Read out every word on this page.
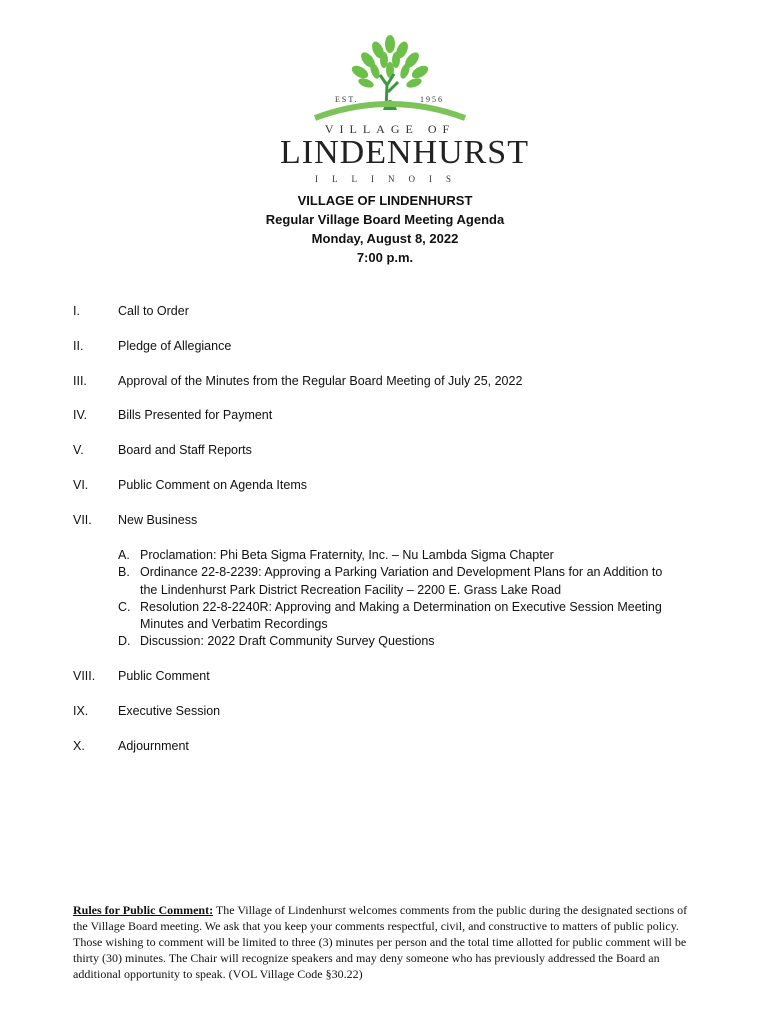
EST.	1956
VILLAGE OF
LINDENHURST
ILLINOIS
VILLAGE OF LINDENHURST
Regular Village Board Meeting Agenda
Monday, August 8, 2022
7:00 p.m.
I.	Call to Order
II.	Pledge of Allegiance
III.	Approval of the Minutes from the Regular Board Meeting of July 25, 2022
IV.	Bills Presented for Payment
V.	Board and Staff Reports
VI.	Public Comment on Agenda Items
VII.	New Business
A. Proclamation: Phi Beta Sigma Fraternity, Inc. – Nu Lambda Sigma Chapter
B. Ordinance 22-8-2239: Approving a Parking Variation and Development Plans for an Addition to
the Lindenhurst Park District Recreation Facility – 2200 E. Grass Lake Road
C. Resolution 22-8-2240R: Approving and Making a Determination on Executive Session Meeting
Minutes and Verbatim Recordings
D. Discussion: 2022 Draft Community Survey Questions
VIII.	Public Comment
IX.	Executive Session
X.	Adjournment
Rules for Public Comment: The Village of Lindenhurst welcomes comments from the public during the designated sections of the Village Board meeting. We ask that you keep your comments respectful, civil, and constructive to matters of public policy. Those wishing to comment will be limited to three (3) minutes per person and the total time allotted for public comment will be thirty (30) minutes. The Chair will recognize speakers and may deny someone who has previously addressed the Board an additional opportunity to speak. (VOL Village Code §30.22)
